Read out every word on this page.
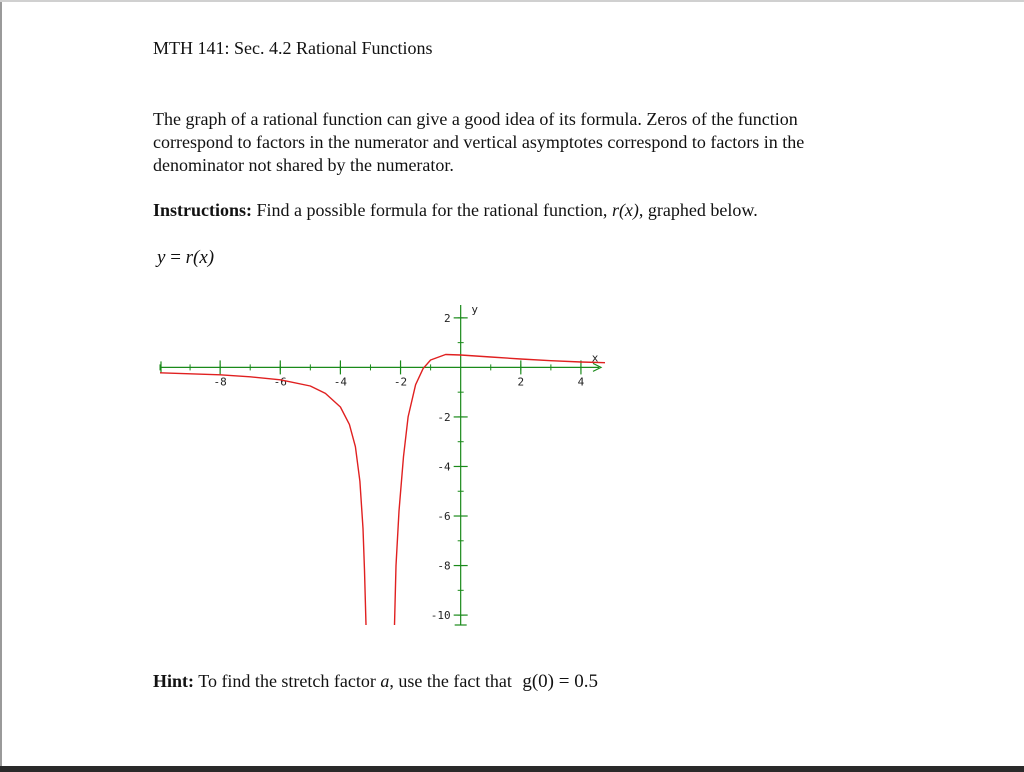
MTH 141: Sec. 4.2 Rational Functions
The graph of a rational function can give a good idea of its formula. Zeros of the function correspond to factors in the numerator and vertical asymptotes correspond to factors in the denominator not shared by the numerator.
Instructions: Find a possible formula for the rational function, r(x), graphed below.
y = r(x)
-8	-6	-4	-2	2	4
2
-2
-4
-6
-8
-10
x
y
Hint: To find the stretch factor a, use the fact that g(0) = 0.5
